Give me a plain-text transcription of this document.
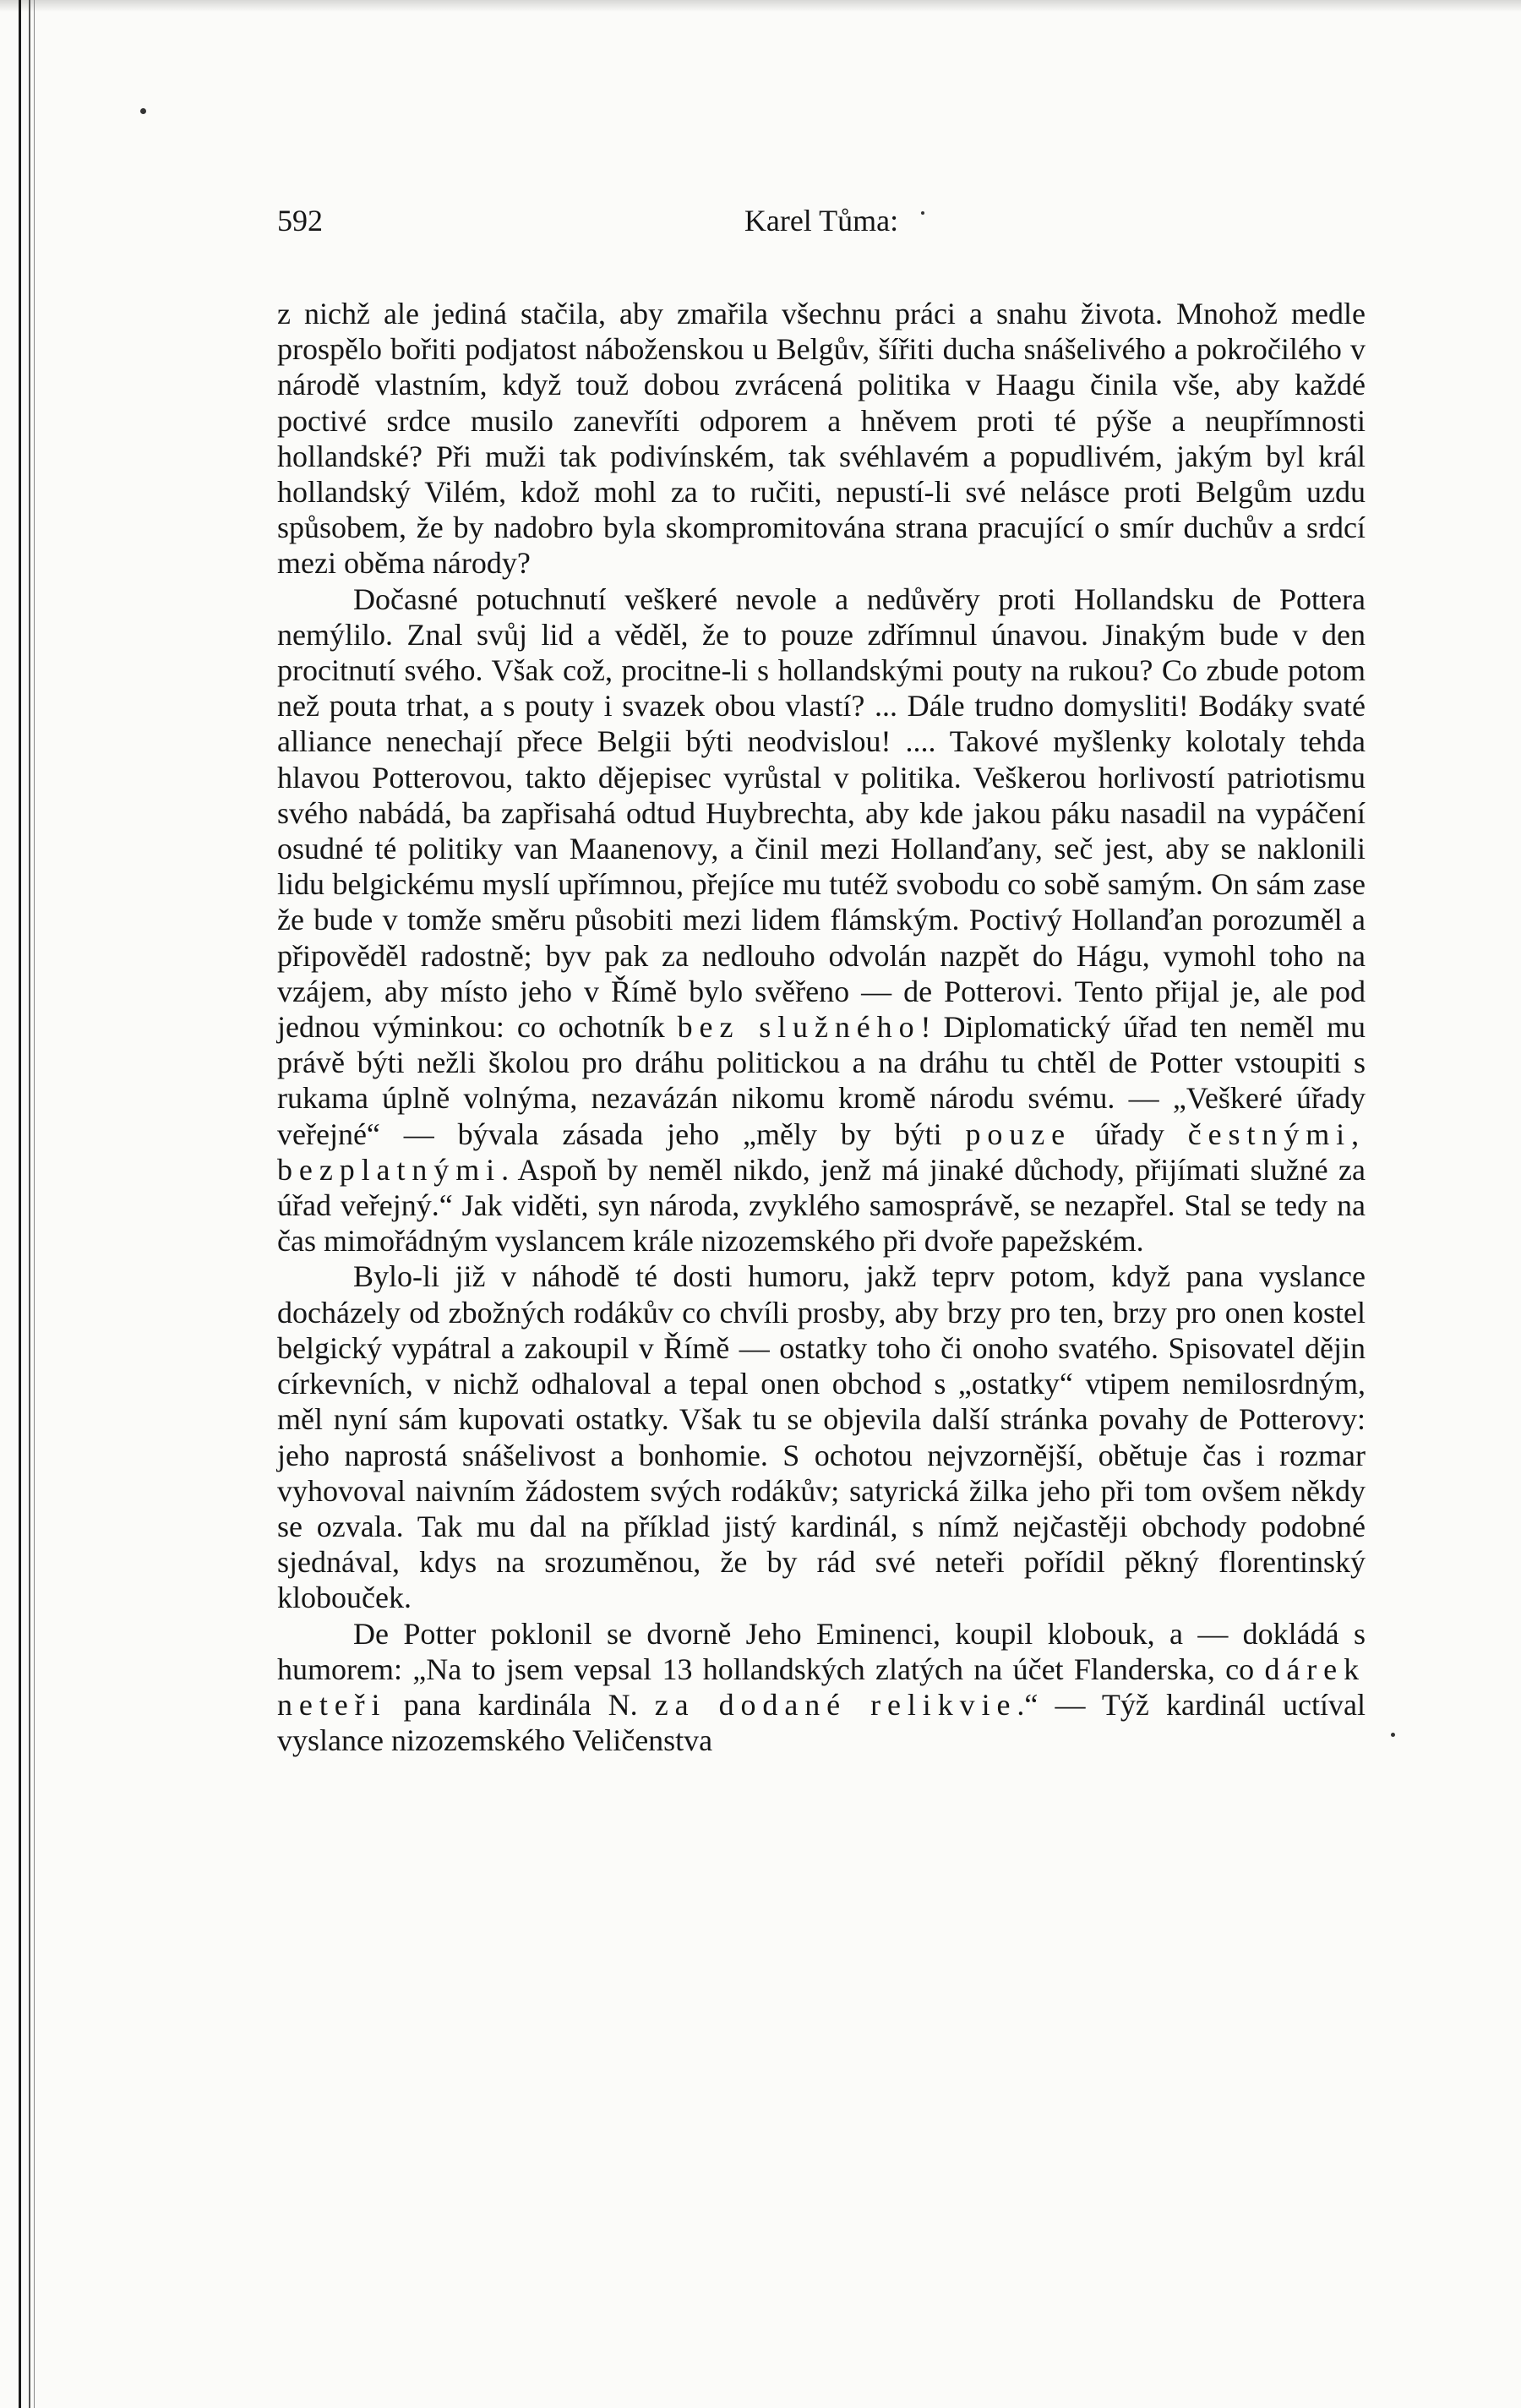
592	Karel Tůma:

z nichž ale jediná stačila, aby zmařila všechnu práci a snahu života. Mnohož medle prospělo bořiti podjatost náboženskou u Belgův, šířiti ducha snášelivého a pokročilého v národě vlastním, když touž dobou zvrácená politika v Haagu činila vše, aby každé poctivé srdce musilo zanevříti odporem a hněvem proti té pýše a neupřímnosti hollandské? Při muži tak podivínském, tak svéhlavém a popudlivém, jakým byl král hollandský Vilém, kdož mohl za to ručiti, nepustí-li své nelásce proti Belgům uzdu spůsobem, že by nadobro byla skompromitována strana pracující o smír duchův a srdcí mezi oběma národy?

Dočasné potuchnutí veškeré nevole a nedůvěry proti Hollandsku de Pottera nemýlilo. Znal svůj lid a věděl, že to pouze zdřímnul únavou. Jinakým bude v den procitnutí svého. Však což, procitne-li s hollandskými pouty na rukou? Co zbude potom než pouta trhat, a s pouty i svazek obou vlastí? ... Dále trudno domysliti! Bodáky svaté alliance nenechají přece Belgii býti neodvislou! .... Takové myšlenky kolotaly tehda hlavou Potterovou, takto dějepisec vyrůstal v politika. Veškerou horlivostí patriotismu svého nabádá, ba zapřisahá odtud Huybrechta, aby kde jakou páku nasadil na vypáčení osudné té politiky van Maanenovy, a činil mezi Hollanďany, seč jest, aby se naklonili lidu belgickému myslí upřímnou, přejíce mu tutéž svobodu co sobě samým. On sám zase že bude v tomže směru působiti mezi lidem flámským. Poctivý Hollanďan porozuměl a připověděl radostně; byv pak za nedlouho odvolán nazpět do Hágu, vymohl toho na vzájem, aby místo jeho v Římě bylo svěřeno — de Potterovi. Tento přijal je, ale pod jednou výminkou: co ochotník bez služného! Diplomatický úřad ten neměl mu právě býti nežli školou pro dráhu politickou a na dráhu tu chtěl de Potter vstoupiti s rukama úplně volnýma, nezavázán nikomu kromě národu svému. — „Veškeré úřady veřejné“ — bývala zásada jeho „měly by býti pouze úřady čestnými, bezplatnými. Aspoň by neměl nikdo, jenž má jinaké důchody, přijímati služné za úřad veřejný.“ Jak viděti, syn národa, zvyklého samosprávě, se nezapřel. Stal se tedy na čas mimořádným vyslancem krále nizozemského při dvoře papežském.

Bylo-li již v náhodě té dosti humoru, jakž teprv potom, když pana vyslance docházely od zbožných rodákův co chvíli prosby, aby brzy pro ten, brzy pro onen kostel belgický vypátral a zakoupil v Římě — ostatky toho či onoho svatého. Spisovatel dějin církevních, v nichž odhaloval a tepal onen obchod s „ostatky“ vtipem nemilosrdným, měl nyní sám kupovati ostatky. Však tu se objevila další stránka povahy de Potterovy: jeho naprostá snášelivost a bonhomie. S ochotou nejvzornější, obětuje čas i rozmar vyhovoval naivním žádostem svých rodákův; satyrická žilka jeho při tom ovšem někdy se ozvala. Tak mu dal na příklad jistý kardinál, s nímž nejčastěji obchody podobné sjednával, kdys na srozuměnou, že by rád své neteři pořídil pěkný florentinský klobouček.

De Potter poklonil se dvorně Jeho Eminenci, koupil klobouk, a — dokládá s humorem: „Na to jsem vepsal 13 hollandských zlatých na účet Flanderska, co dárek neteři pana kardinála N. za dodané relikvie.“ — Týž kardinál uctíval vyslance nizozemského Veličenstva
